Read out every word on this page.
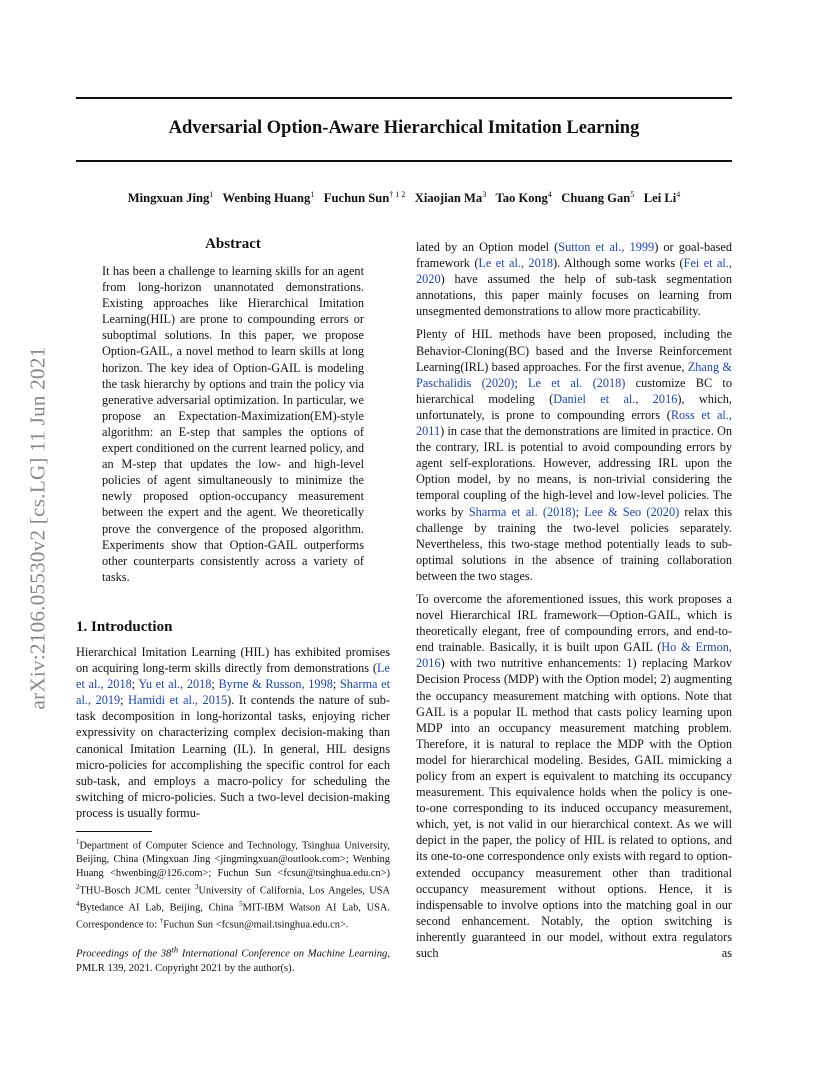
arXiv:2106.05530v2 [cs.LG] 11 Jun 2021
Adversarial Option-Aware Hierarchical Imitation Learning
Mingxuan Jing$^1$ Wenbing Huang$^1$ Fuchun Sun$^{\dagger 1 2}$ Xiaojian Ma$^3$ Tao Kong$^4$ Chuang Gan$^5$ Lei Li$^4$
Abstract

It has been a challenge to learning skills for an agent from long-horizon unannotated demonstrations. Existing approaches like Hierarchical Imitation Learning(HIL) are prone to compounding errors or suboptimal solutions. In this paper, we propose Option-GAIL, a novel method to learn skills at long horizon. The key idea of Option-GAIL is modeling the task hierarchy by options and train the policy via generative adversarial optimization. In particular, we propose an Expectation-Maximization(EM)-style algorithm: an E-step that samples the options of expert conditioned on the current learned policy, and an M-step that updates the low- and high-level policies of agent simultaneously to minimize the newly proposed option-occupancy measurement between the expert and the agent. We theoretically prove the convergence of the proposed algorithm. Experiments show that Option-GAIL outperforms other counterparts consistently across a variety of tasks.

1. Introduction

Hierarchical Imitation Learning (HIL) has exhibited promises on acquiring long-term skills directly from demonstrations (Le et al., 2018; Yu et al., 2018; Byrne & Russon, 1998; Sharma et al., 2019; Hamidi et al., 2015). It contends the nature of sub-task decomposition in long-horizontal tasks, enjoying richer expressivity on characterizing complex decision-making than canonical Imitation Learning (IL). In general, HIL designs micro-policies for accomplishing the specific control for each sub-task, and employs a macro-policy for scheduling the switching of micro-policies. Such a two-level decision-making process is usually formu-

$^1$Department of Computer Science and Technology, Tsinghua University, Beijing, China (Mingxuan Jing <jingmingxuan@outlook.com>; Wenbing Huang <hwenbing@126.com>; Fuchun Sun <fcsun@tsinghua.edu.cn>) $^2$THU-Bosch JCML center $^3$University of California, Los Angeles, USA $^4$Bytedance AI Lab, Beijing, China $^5$MIT-IBM Watson AI Lab, USA. Correspondence to: †Fuchun Sun <fcsun@mail.tsinghua.edu.cn>.
Proceedings of the 38th International Conference on Machine Learning, PMLR 139, 2021. Copyright 2021 by the author(s).

lated by an Option model (Sutton et al., 1999) or goal-based framework (Le et al., 2018). Although some works (Fei et al., 2020) have assumed the help of sub-task segmentation annotations, this paper mainly focuses on learning from unsegmented demonstrations to allow more practicability.

Plenty of HIL methods have been proposed, including the Behavior-Cloning(BC) based and the Inverse Reinforcement Learning(IRL) based approaches. For the first avenue, Zhang & Paschalidis (2020); Le et al. (2018) customize BC to hierarchical modeling (Daniel et al., 2016), which, unfortunately, is prone to compounding errors (Ross et al., 2011) in case that the demonstrations are limited in practice. On the contrary, IRL is potential to avoid compounding errors by agent self-explorations. However, addressing IRL upon the Option model, by no means, is non-trivial considering the temporal coupling of the high-level and low-level policies. The works by Sharma et al. (2018); Lee & Seo (2020) relax this challenge by training the two-level policies separately. Nevertheless, this two-stage method potentially leads to sub-optimal solutions in the absence of training collaboration between the two stages.

To overcome the aforementioned issues, this work proposes a novel Hierarchical IRL framework—Option-GAIL, which is theoretically elegant, free of compounding errors, and end-to-end trainable. Basically, it is built upon GAIL (Ho & Ermon, 2016) with two nutritive enhancements: 1) replacing Markov Decision Process (MDP) with the Option model; 2) augmenting the occupancy measurement matching with options. Note that GAIL is a popular IL method that casts policy learning upon MDP into an occupancy measurement matching problem. Therefore, it is natural to replace the MDP with the Option model for hierarchical modeling. Besides, GAIL mimicking a policy from an expert is equivalent to matching its occupancy measurement. This equivalence holds when the policy is one-to-one corresponding to its induced occupancy measurement, which, yet, is not valid in our hierarchical context. As we will depict in the paper, the policy of HIL is related to options, and its one-to-one correspondence only exists with regard to option-extended occupancy measurement other than traditional occupancy measurement without options. Hence, it is indispensable to involve options into the matching goal in our second enhancement. Notably, the option switching is inherently guaranteed in our model, without extra regulators such as
